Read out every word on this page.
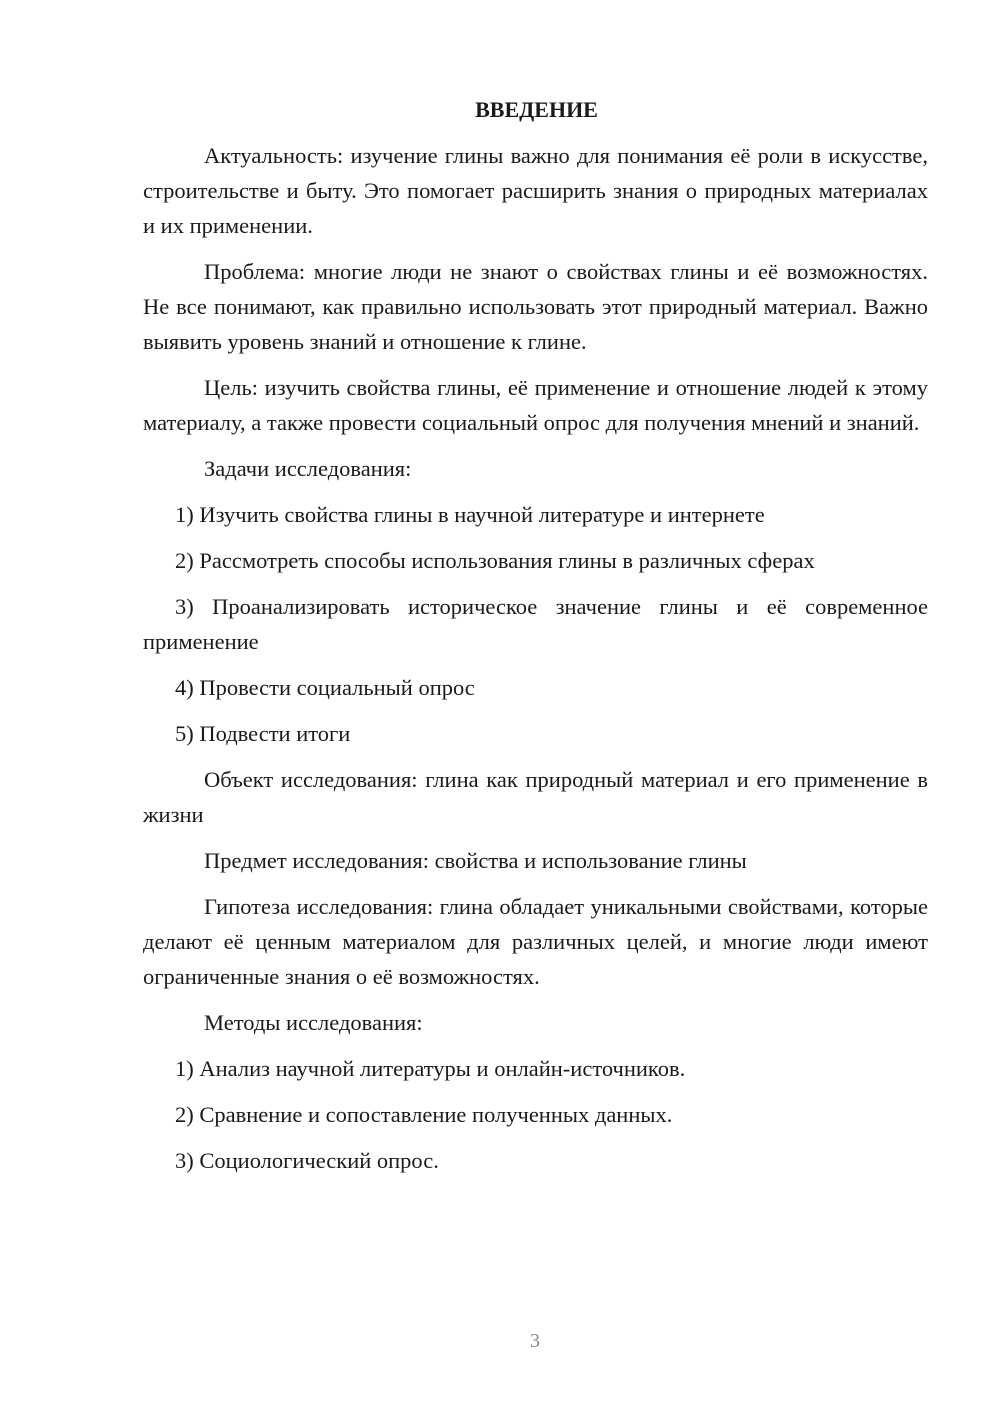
ВВЕДЕНИЕ

Актуальность: изучение глины важно для понимания её роли в искусстве, строительстве и быту. Это помогает расширить знания о природных материалах и их применении.

Проблема: многие люди не знают о свойствах глины и её возможностях. Не все понимают, как правильно использовать этот природный материал. Важно выявить уровень знаний и отношение к глине.

Цель: изучить свойства глины, её применение и отношение людей к этому материалу, а также провести социальный опрос для получения мнений и знаний.

Задачи исследования:

1) Изучить свойства глины в научной литературе и интернете

2) Рассмотреть способы использования глины в различных сферах

3) Проанализировать историческое значение глины и её современное применение

4) Провести социальный опрос

5) Подвести итоги

Объект исследования: глина как природный материал и его применение в жизни

Предмет исследования: свойства и использование глины

Гипотеза исследования: глина обладает уникальными свойствами, которые делают её ценным материалом для различных целей, и многие люди имеют ограниченные знания о её возможностях.

Методы исследования:

1) Анализ научной литературы и онлайн-источников.

2) Сравнение и сопоставление полученных данных.

3) Социологический опрос.

3
